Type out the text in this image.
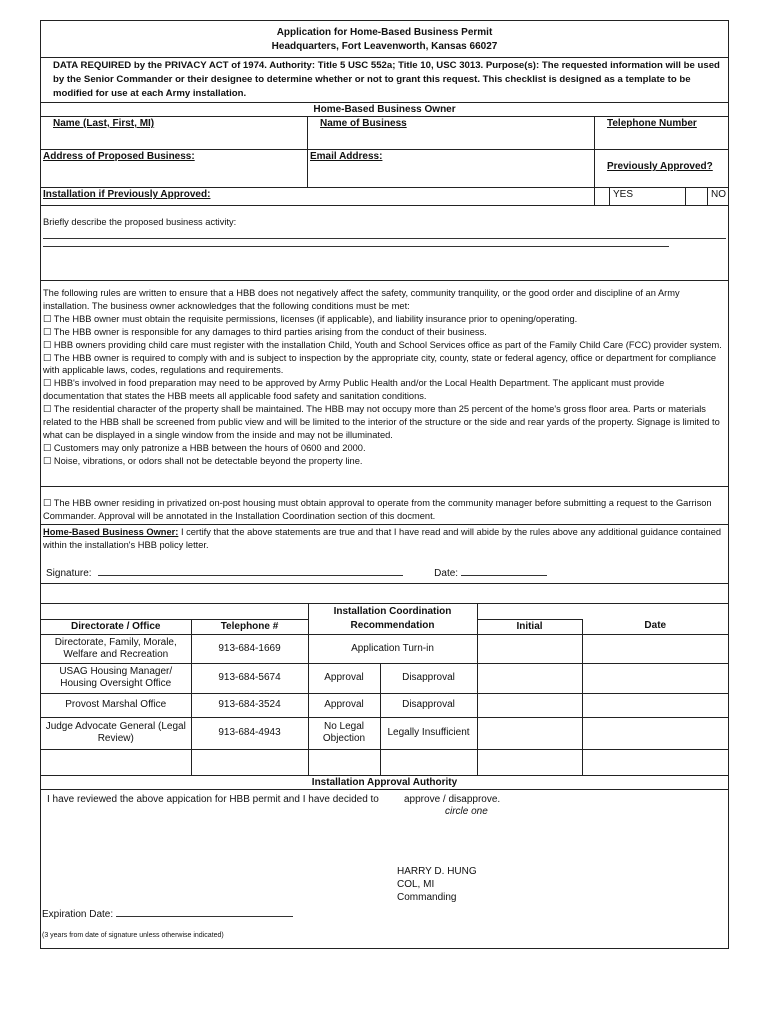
Application for Home-Based Business Permit
Headquarters, Fort Leavenworth, Kansas 66027
DATA REQUIRED by the PRIVACY ACT of 1974. Authority: Title 5 USC 552a; Title 10, USC 3013. Purpose(s): The requested information will be used by the Senior Commander or their designee to determine whether or not to grant this request. This checklist is designed as a template to be modified for use at each Army installation.
Home-Based Business Owner
Name (Last, First, MI)	Name of Business	Telephone Number
Address of Proposed Business:	Email Address:
Previously Approved?
Installation if Previously Approved:	YES	NO
Briefly describe the proposed business activity:
The following rules are written to ensure that a HBB does not negatively affect the safety, community tranquility, or the good order and discipline of an Army installation. The business owner acknowledges that the following conditions must be met:
☐ The HBB owner must obtain the requisite permissions, licenses (if applicable), and liability insurance prior to opening/operating.
☐ The HBB owner is responsible for any damages to third parties arising from the conduct of their business.
☐ HBB owners providing child care must register with the installation Child, Youth and School Services office as part of the Family Child Care (FCC) provider system.
☐ The HBB owner is required to comply with and is subject to inspection by the appropriate city, county, state or federal agency, office or department for compliance with applicable laws, codes, regulations and requirements.
☐ HBB's involved in food preparation may need to be approved by Army Public Health and/or the Local Health Department. The applicant must provide documentation that states the HBB meets all applicable food safety and sanitation conditions.
☐ The residential character of the property shall be maintained. The HBB may not occupy more than 25 percent of the home's gross floor area. Parts or materials related to the HBB shall be screened from public view and will be limited to the interior of the structure or the side and rear yards of the property. Signage is limited to what can be displayed in a single window from the inside and may not be illuminated.
☐ Customers may only patronize a HBB between the hours of 0600 and 2000.
☐ Noise, vibrations, or odors shall not be detectable beyond the property line.
☐ The HBB owner residing in privatized on-post housing must obtain approval to operate from the community manager before submitting a request to the Garrison Commander. Approval will be annotated in the Installation Coordination section of this docment.
Home-Based Business Owner: I certify that the above statements are true and that I have read and will abide by the rules above any additional guidance contained within the installation's HBB policy letter.
Signature:	Date:
		Installation Coordination			
Directorate / Office	Telephone #	Recommendation		Initial	Date
Directorate, Family, Morale, Welfare and Recreation	913-684-1669	Application Turn-in			
USAG Housing Manager/ Housing Oversight Office	913-684-5674	Approval	Disapproval		
Provost Marshal Office	913-684-3524	Approval	Disapproval		
Judge Advocate General (Legal Review)	913-684-4943	No Legal Objection	Legally Insufficient		

Installation Approval Authority
I have reviewed the above appication for HBB permit and I have decided to	approve / disapprove.
circle one
HARRY D. HUNG
COL, MI
Commanding
Expiration Date:
(3 years from date of signature unless otherwise indicated)
